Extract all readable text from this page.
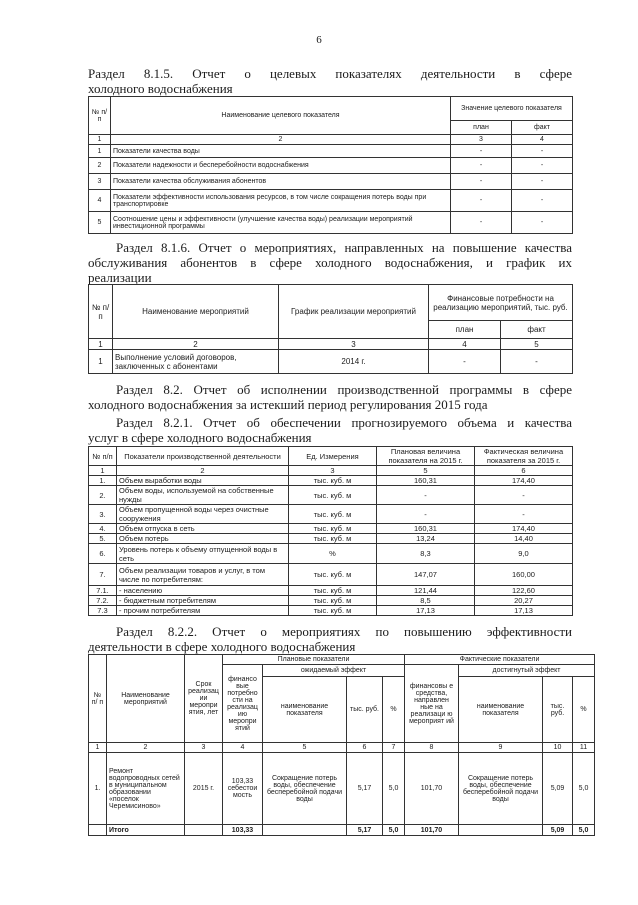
6

Раздел 8.1.5. Отчет о целевых показателях деятельности в сфере

холодного водоснабжения

№ п/п	Наименование целевого показателя	Значение целевого показателя	
		план	факт
1	2	3	4
1	Показатели качества воды	-	-
2	Показатели надежности и бесперебойности водоснабжения	-	-
3	Показатели качества обслуживания абонентов	-	-
4	Показатели эффективности использования ресурсов, в том числе сокращения потерь воды при транспортировке	-	-
5	Соотношение цены и эффективности (улучшение качества воды) реализации мероприятий инвестиционной программы	-	-

Раздел 8.1.6. Отчет о мероприятиях, направленных на повышение качества

обслуживания абонентов в сфере холодного водоснабжения, и график их

реализации

№ п/п	Наименование мероприятий	График реализации мероприятий	Финансовые потребности на реализацию мероприятий, тыс. руб.	
			план	факт
1	2	3	4	5
1	Выполнение условий договоров, заключенных с абонентами	2014 г.	-	-

Раздел 8.2. Отчет об исполнении производственной программы в сфере

холодного водоснабжения за истекший период регулирования 2015 года

Раздел 8.2.1. Отчет об обеспечении прогнозируемого объема и качества

услуг в сфере холодного водоснабжения

№ п/п	Показатели производственной деятельности	Ед. Измерения	Плановая величина показателя на 2015 г.	Фактическая величина показателя за 2015 г.
1	2	3	5	6
1.	Объем выработки воды	тыс. куб. м	160,31	174,40
2.	Объем воды, используемой на собственные нужды	тыс. куб. м	-	-
3.	Объем пропущенной воды через очистные сооружения	тыс. куб. м	-	-
4.	Объем отпуска в сеть	тыс. куб. м	160,31	174,40
5.	Объем потерь	тыс. куб. м	13,24	14,40
6.	Уровень потерь к объему отпущенной воды в сеть	%	8,3	9,0
7.	Объем реализации товаров и услуг, в том числе по потребителям:	тыс. куб. м	147,07	160,00
7.1.	- населению	тыс. куб. м	121,44	122,60
7.2.	- бюджетным потребителям	тыс. куб. м	8,5	20,27
7.3	- прочим потребителям	тыс. куб. м	17,13	17,13

Раздел 8.2.2. Отчет о мероприятиях по повышению эффективности

деятельности в сфере холодного водоснабжения

№ п/ п	Наименование мероприятий	Срок реализац ии меропри ятия, лет	Плановые показатели				Фактические показатели			
			финансо вые потребно сти на реализац ию меропри ятий	ожидаемый эффект			финансовы е средства, направлен ные на реализаци ю мероприят ий	достигнутый эффект		
				наименование показателя	тыс. руб.	%		наименование показателя	тыс. руб.	%
1	2	3	4	5	6	7	8	9	10	11
1.	Ремонт водопроводных сетей в муниципальном образовании «поселок Черемисиново»	2015 г.	103,33 себестои мость	Сокращение потерь воды, обеспечение бесперебойной подачи воды	5,17	5,0	101,70	Сокращение потерь воды, обеспечение бесперебойной подачи воды	5,09	5,0
	Итого		103,33		5,17	5,0	101,70		5,09	5,0
